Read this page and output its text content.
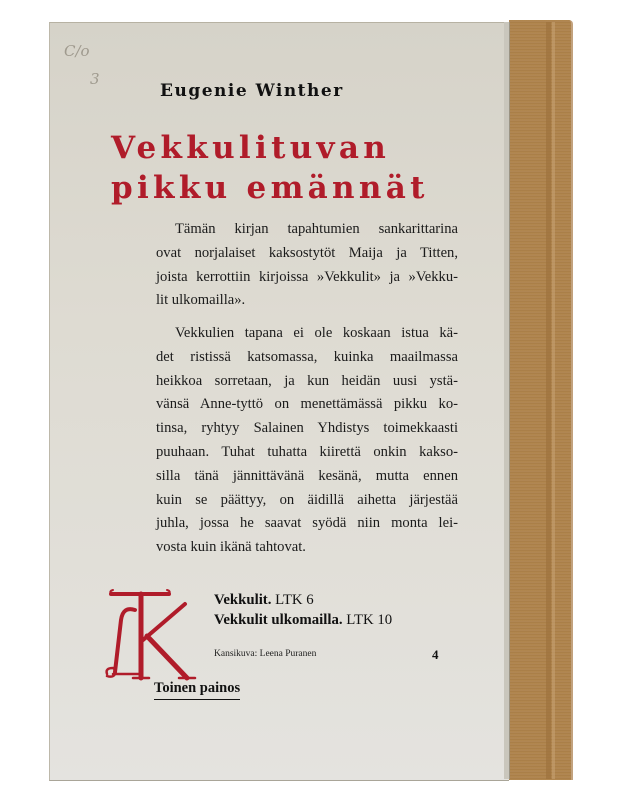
C/o
3
Eugenie Winther
Vekkulituvan
pikku emännät
Tämän kirjan tapahtumien sankarittarina
ovat norjalaiset kaksostytöt Maija ja Titten,
joista kerrottiin kirjoissa »Vekkulit» ja »Vekku-
lit ulkomailla».
Vekkulien tapana ei ole koskaan istua kä-
det ristissä katsomassa, kuinka maailmassa
heikkoa sorretaan, ja kun heidän uusi ystä-
vänsä Anne-tyttö on menettämässä pikku ko-
tinsa, ryhtyy Salainen Yhdistys toimekkaasti
puuhaan. Tuhat tuhatta kiirettä onkin kakso-
silla tänä jännittävänä kesänä, mutta ennen
kuin se päättyy, on äidillä aihetta järjestää
juhla, jossa he saavat syödä niin monta lei-
vosta kuin ikänä tahtovat.
Vekkulit. LTK 6
Vekkulit ulkomailla. LTK 10
Kansikuva: Leena Puranen	4
Toinen painos
